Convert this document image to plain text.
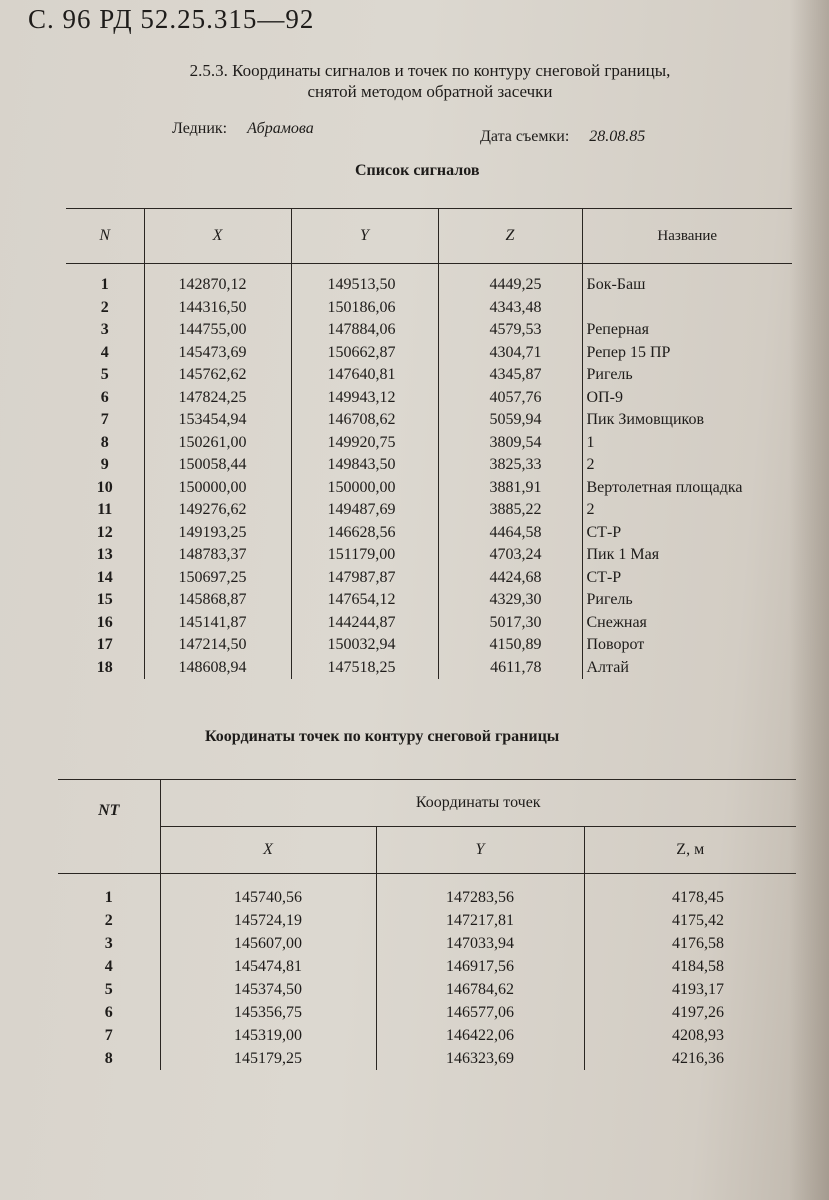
С. 96 РД 52.25.315—92
2.5.3. Координаты сигналов и точек по контуру снеговой границы,
снятой методом обратной засечки
Ледник: Абрамова	Дата съемки: 28.08.85
Список сигналов
N	X	Y	Z	Название
1	142870,12	149513,50	4449,25	Бок-Баш
2	144316,50	150186,06	4343,48	
3	144755,00	147884,06	4579,53	Реперная
4	145473,69	150662,87	4304,71	Репер 15 ПР
5	145762,62	147640,81	4345,87	Ригель
6	147824,25	149943,12	4057,76	ОП-9
7	153454,94	146708,62	5059,94	Пик Зимовщиков
8	150261,00	149920,75	3809,54	1
9	150058,44	149843,50	3825,33	2
10	150000,00	150000,00	3881,91	Вертолетная площадка
11	149276,62	149487,69	3885,22	2
12	149193,25	146628,56	4464,58	СТ-Р
13	148783,37	151179,00	4703,24	Пик 1 Мая
14	150697,25	147987,87	4424,68	СТ-Р
15	145868,87	147654,12	4329,30	Ригель
16	145141,87	144244,87	5017,30	Снежная
17	147214,50	150032,94	4150,89	Поворот
18	148608,94	147518,25	4611,78	Алтай
Координаты точек по контуру снеговой границы
NT	Координаты точек		
	X	Y	Z, м
1	145740,56	147283,56	4178,45
2	145724,19	147217,81	4175,42
3	145607,00	147033,94	4176,58
4	145474,81	146917,56	4184,58
5	145374,50	146784,62	4193,17
6	145356,75	146577,06	4197,26
7	145319,00	146422,06	4208,93
8	145179,25	146323,69	4216,36
